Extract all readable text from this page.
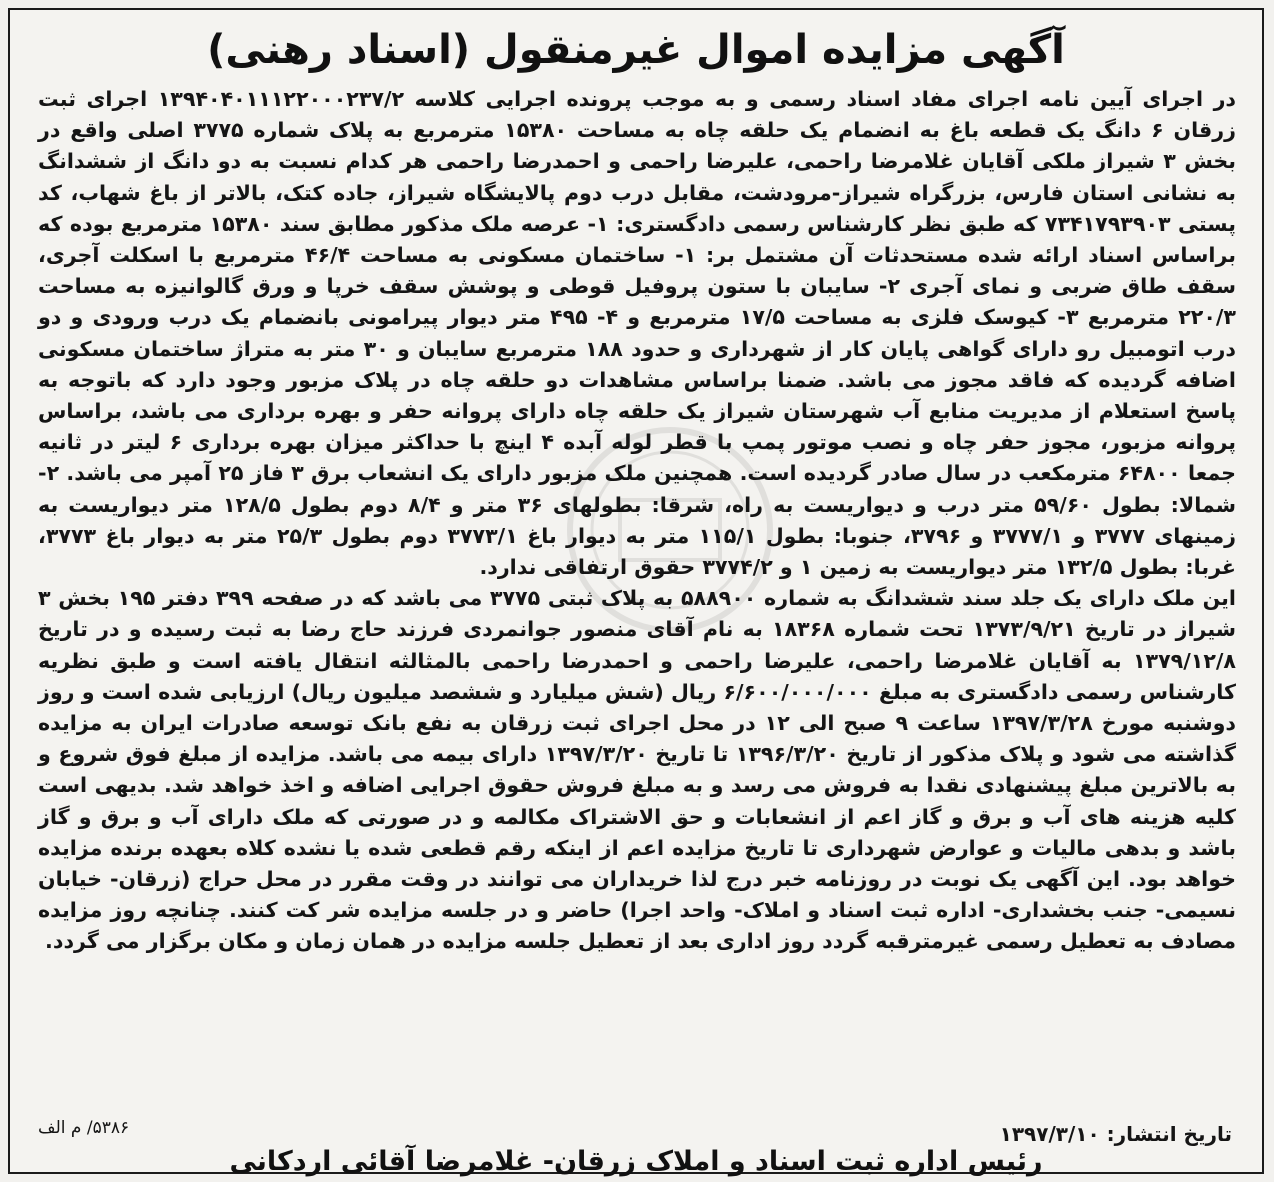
آگهی مزایده اموال غیرمنقول (اسناد رهنی)

در اجرای آیین نامه اجرای مفاد اسناد رسمی و به موجب پرونده اجرایی کلاسه ۱۳۹۴۰۴۰۱۱۱۲۲۰۰۰۲۳۷/۲ اجرای ثبت زرقان ۶ دانگ یک قطعه باغ به انضمام یک حلقه چاه به مساحت ۱۵۳۸۰ مترمربع به پلاک شماره ۳۷۷۵ اصلی واقع در بخش ۳ شیراز ملکی آقایان غلامرضا راحمی، علیرضا راحمی و احمدرضا راحمی هر کدام نسبت به دو دانگ از ششدانگ به نشانی استان فارس، بزرگراه شیراز-مرودشت، مقابل درب دوم پالایشگاه شیراز، جاده کتک، بالاتر از باغ شهاب، کد پستی ۷۳۴۱۷۹۳۹۰۳ که طبق نظر کارشناس رسمی دادگستری: ۱- عرصه ملک مذکور مطابق سند ۱۵۳۸۰ مترمربع بوده که براساس اسناد ارائه شده مستحدثات آن مشتمل بر: ۱- ساختمان مسکونی به مساحت ۴۶/۴ مترمربع با اسکلت آجری، سقف طاق ضربی و نمای آجری ۲- سایبان با ستون پروفیل قوطی و پوشش سقف خرپا و ورق گالوانیزه به مساحت ۲۲۰/۳ مترمربع ۳- کیوسک فلزی به مساحت ۱۷/۵ مترمربع و ۴- ۴۹۵ متر دیوار پیرامونی بانضمام یک درب ورودی و دو درب اتومبیل رو دارای گواهی پایان کار از شهرداری و حدود ۱۸۸ مترمربع سایبان و ۳۰ متر به متراژ ساختمان مسکونی اضافه گردیده که فاقد مجوز می باشد. ضمنا براساس مشاهدات دو حلقه چاه در پلاک مزبور وجود دارد که باتوجه به پاسخ استعلام از مدیریت منابع آب شهرستان شیراز یک حلقه چاه دارای پروانه حفر و بهره برداری می باشد، براساس پروانه مزبور، مجوز حفر چاه و نصب موتور پمپ با قطر لوله آبده ۴ اینچ با حداکثر میزان بهره برداری ۶ لیتر در ثانیه جمعا ۶۴۸۰۰ مترمکعب در سال صادر گردیده است. همچنین ملک مزبور دارای یک انشعاب برق ۳ فاز ۲۵ آمپر می باشد. ۲- شمالا: بطول ۵۹/۶۰ متر درب و دیواریست به راه، شرقا: بطولهای ۳۶ متر و ۸/۴ دوم بطول ۱۲۸/۵ متر دیواریست به زمینهای ۳۷۷۷ و ۳۷۷۷/۱ و ۳۷۹۶، جنوبا: بطول ۱۱۵/۱ متر به دیوار باغ ۳۷۷۳/۱ دوم بطول ۲۵/۳ متر به دیوار باغ ۳۷۷۳، غربا: بطول ۱۳۲/۵ متر دیواریست به زمین ۱ و ۳۷۷۴/۲ حقوق ارتفاقی ندارد.

این ملک دارای یک جلد سند ششدانگ به شماره ۵۸۸۹۰۰ به پلاک ثبتی ۳۷۷۵ می باشد که در صفحه ۳۹۹ دفتر ۱۹۵ بخش ۳ شیراز در تاریخ ۱۳۷۳/۹/۲۱ تحت شماره ۱۸۳۶۸ به نام آقای منصور جوانمردی فرزند حاج رضا به ثبت رسیده و در تاریخ ۱۳۷۹/۱۲/۸ به آقایان غلامرضا راحمی، علیرضا راحمی و احمدرضا راحمی بالمثالثه انتقال یافته است و طبق نظریه کارشناس رسمی دادگستری به مبلغ ۶/۶۰۰/۰۰۰/۰۰۰ ریال (شش میلیارد و ششصد میلیون ریال) ارزیابی شده است و روز دوشنبه مورخ ۱۳۹۷/۳/۲۸ ساعت ۹ صبح الی ۱۲ در محل اجرای ثبت زرقان به نفع بانک توسعه صادرات ایران به مزایده گذاشته می شود و پلاک مذکور از تاریخ ۱۳۹۶/۳/۲۰ تا تاریخ ۱۳۹۷/۳/۲۰ دارای بیمه می باشد. مزایده از مبلغ فوق شروع و به بالاترین مبلغ پیشنهادی نقدا به فروش می رسد و به مبلغ فروش حقوق اجرایی اضافه و اخذ خواهد شد. بدیهی است کلیه هزینه های آب و برق و گاز اعم از انشعابات و حق الاشتراک مکالمه و در صورتی که ملک دارای آب و برق و گاز باشد و بدهی مالیات و عوارض شهرداری تا تاریخ مزایده اعم از اینکه رقم قطعی شده یا نشده کلاه بعهده برنده مزایده خواهد بود. این آگهی یک نوبت در روزنامه خبر درج لذا خریداران می توانند در وقت مقرر در محل حراج (زرقان- خیابان نسیمی- جنب بخشداری- اداره ثبت اسناد و املاک- واحد اجرا) حاضر و در جلسه مزایده شر کت کنند. چنانچه روز مزایده مصادف به تعطیل رسمی غیرمترقبه گردد روز اداری بعد از تعطیل جلسه مزایده در همان زمان و مکان برگزار می گردد.

تاریخ انتشار: ۱۳۹۷/۳/۱۰
۵۳۸۶/ م الف
رئیس اداره ثبت اسناد و املاک زرقان- غلامرضا آقائی اردکانی
